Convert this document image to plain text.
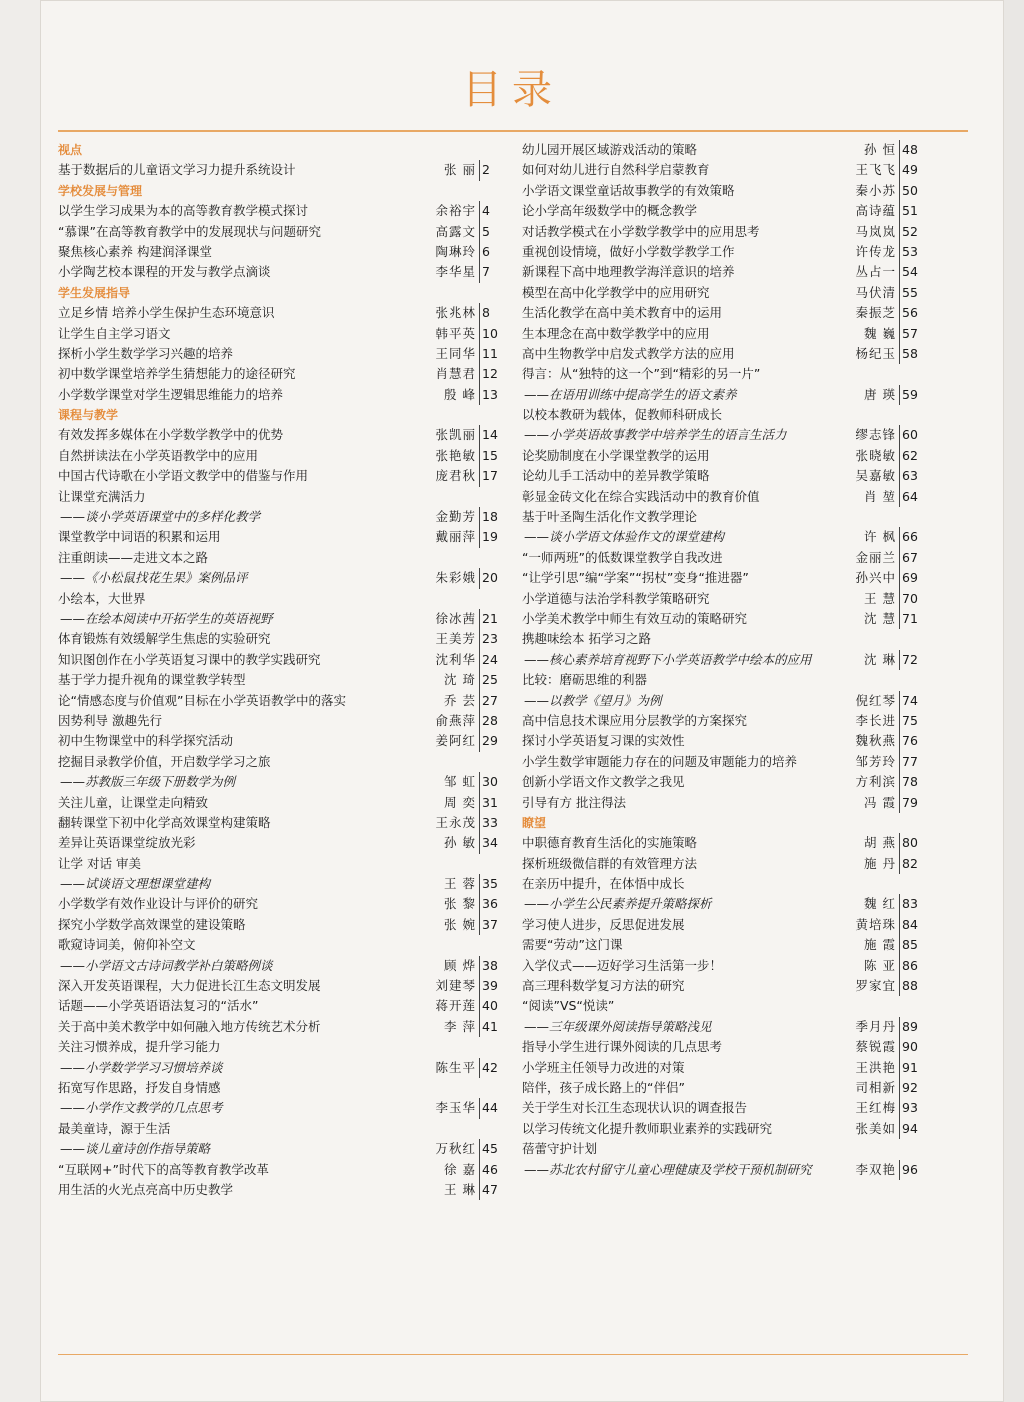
目录
视点
基于数据后的儿童语文学习力提升系统设计	张 丽 2
学校发展与管理
以学生学习成果为本的高等教育教学模式探讨	余裕宇 4
“慕课”在高等教育教学中的发展现状与问题研究	高露文 5
聚焦核心素养 构建润泽课堂	陶琳玲 6
小学陶艺校本课程的开发与教学点滴谈	李华星 7
学生发展指导
立足乡情 培养小学生保护生态环境意识	张兆林 8
让学生自主学习语文	韩平英 10
探析小学生数学学习兴趣的培养	王同华 11
初中数学课堂培养学生猜想能力的途径研究	肖慧君 12
小学数学课堂对学生逻辑思维能力的培养	殷 峰 13
课程与教学
有效发挥多媒体在小学数学教学中的优势	张凯丽 14
自然拼读法在小学英语教学中的应用	张艳敏 15
中国古代诗歌在小学语文教学中的借鉴与作用	庞君秋 17
让课堂充满活力
——谈小学英语课堂中的多样化教学	金勤芳 18
课堂教学中词语的积累和运用	戴丽萍 19
注重朗读——走进文本之路
——《小松鼠找花生果》案例品评	朱彩娥 20
小绘本，大世界
——在绘本阅读中开拓学生的英语视野	徐冰茜 21
体育锻炼有效缓解学生焦虑的实验研究	王美芳 23
知识图创作在小学英语复习课中的教学实践研究	沈利华 24
基于学力提升视角的课堂教学转型	沈 琦 25
论“情感态度与价值观”目标在小学英语教学中的落实	乔 芸 27
因势利导 激趣先行	俞燕萍 28
初中生物课堂中的科学探究活动	姜阿红 29
挖掘目录教学价值，开启数学学习之旅
——苏教版三年级下册数学为例	邹 虹 30
关注儿童，让课堂走向精致	周 奕 31
翻转课堂下初中化学高效课堂构建策略	王永茂 33
差异让英语课堂绽放光彩	孙 敏 34
让学 对话 审美
——试谈语文理想课堂建构	王 蓉 35
小学数学有效作业设计与评价的研究	张 黎 36
探究小学数学高效课堂的建设策略	张 婉 37
歌窥诗词美，俯仰补空文
——小学语文古诗词教学补白策略例谈	顾 烨 38
深入开发英语课程，大力促进长江生态文明发展	刘建琴 39
话题——小学英语语法复习的“活水”	蒋开莲 40
关于高中美术教学中如何融入地方传统艺术分析	李 萍 41
关注习惯养成，提升学习能力
——小学数学学习习惯培养谈	陈生平 42
拓宽写作思路，抒发自身情感
——小学作文教学的几点思考	李玉华 44
最美童诗，源于生活
——谈儿童诗创作指导策略	万秋红 45
“互联网+”时代下的高等教育教学改革	徐 嘉 46
用生活的火光点亮高中历史教学	王 琳 47
幼儿园开展区域游戏活动的策略	孙 恒 48
如何对幼儿进行自然科学启蒙教育	王飞飞 49
小学语文课堂童话故事教学的有效策略	秦小苏 50
论小学高年级数学中的概念教学	高诗蕴 51
对话教学模式在小学数学教学中的应用思考	马岚岚 52
重视创设情境，做好小学数学教学工作	许传龙 53
新课程下高中地理教学海洋意识的培养	丛占一 54
模型在高中化学教学中的应用研究	马伏清 55
生活化教学在高中美术教育中的运用	秦振芝 56
生本理念在高中数学教学中的应用	魏 巍 57
高中生物教学中启发式教学方法的应用	杨纪玉 58
得言：从“独特的这一个”到“精彩的另一片”
——在语用训练中提高学生的语文素养	唐 瑛 59
以校本教研为载体，促教师科研成长
——小学英语故事教学中培养学生的语言生活力	缪志锋 60
论奖励制度在小学课堂教学的运用	张晓敏 62
论幼儿手工活动中的差异教学策略	吴嘉敏 63
彰显金砖文化在综合实践活动中的教育价值	肖 堃 64
基于叶圣陶生活化作文教学理论
——谈小学语文体验作文的课堂建构	许 枫 66
“一师两班”的低数课堂教学自我改进	金丽兰 67
“让学引思”编“学案”“拐杖”变身“推进器”	孙兴中 69
小学道德与法治学科教学策略研究	王 慧 70
小学美术教学中师生有效互动的策略研究	沈 慧 71
携趣味绘本 拓学习之路
——核心素养培育视野下小学英语教学中绘本的应用	沈 琳 72
比较：磨砺思维的利器
——以教学《望月》为例	倪红琴 74
高中信息技术课应用分层教学的方案探究	李长进 75
探讨小学英语复习课的实效性	魏秋燕 76
小学生数学审题能力存在的问题及审题能力的培养	邹芳玲 77
创新小学语文作文教学之我见	方利滨 78
引导有方 批注得法	冯 霞 79
瞭望
中职德育教育生活化的实施策略	胡 燕 80
探析班级微信群的有效管理方法	施 丹 82
在亲历中提升，在体悟中成长
——小学生公民素养提升策略探析	魏 红 83
学习使人进步，反思促进发展	黄培珠 84
需要“劳动”这门课	施 霞 85
入学仪式——迈好学习生活第一步！	陈 亚 86
高三理科数学复习方法的研究	罗家宜 88
“阅读”VS“悦读”
——三年级课外阅读指导策略浅见	季月丹 89
指导小学生进行课外阅读的几点思考	蔡锐霞 90
小学班主任领导力改进的对策	王洪艳 91
陪伴，孩子成长路上的“伴侣”	司相新 92
关于学生对长江生态现状认识的调查报告	王红梅 93
以学习传统文化提升教师职业素养的实践研究	张美如 94
蓓蕾守护计划
——苏北农村留守儿童心理健康及学校干预机制研究	李双艳 96
